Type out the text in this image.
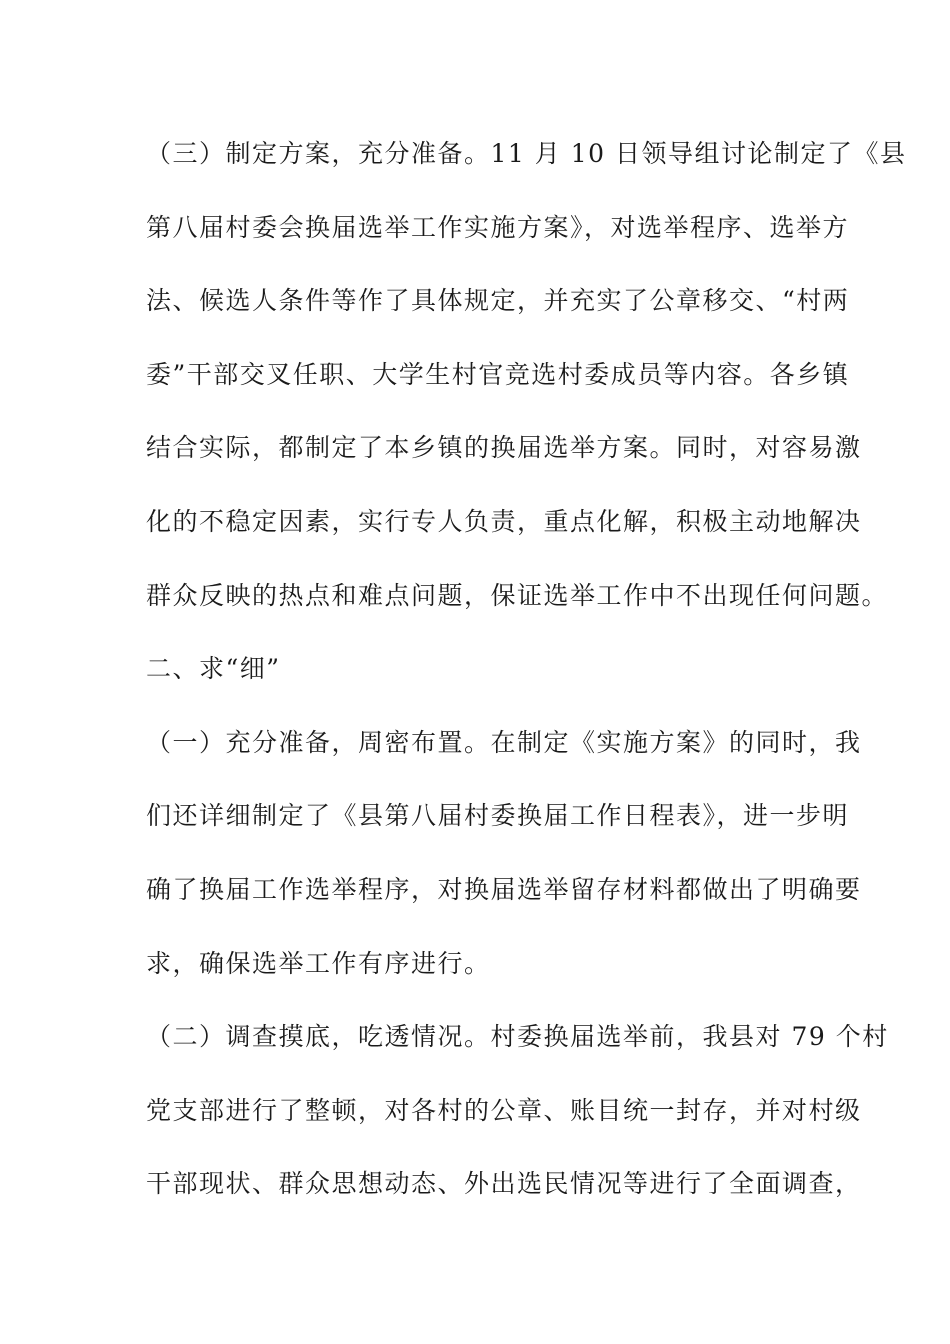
（三）制定方案，充分准备。11 月 10 日领导组讨论制定了《县
第八届村委会换届选举工作实施方案》，对选举程序、选举方
法、候选人条件等作了具体规定，并充实了公章移交、“村两
委”干部交叉任职、大学生村官竞选村委成员等内容。各乡镇
结合实际，都制定了本乡镇的换届选举方案。同时，对容易激
化的不稳定因素，实行专人负责，重点化解，积极主动地解决
群众反映的热点和难点问题，保证选举工作中不出现任何问题。
二、求“细”
（一）充分准备，周密布置。在制定《实施方案》的同时，我
们还详细制定了《县第八届村委换届工作日程表》，进一步明
确了换届工作选举程序，对换届选举留存材料都做出了明确要
求，确保选举工作有序进行。
（二）调查摸底，吃透情况。村委换届选举前，我县对 79 个村
党支部进行了整顿，对各村的公章、账目统一封存，并对村级
干部现状、群众思想动态、外出选民情况等进行了全面调查，
